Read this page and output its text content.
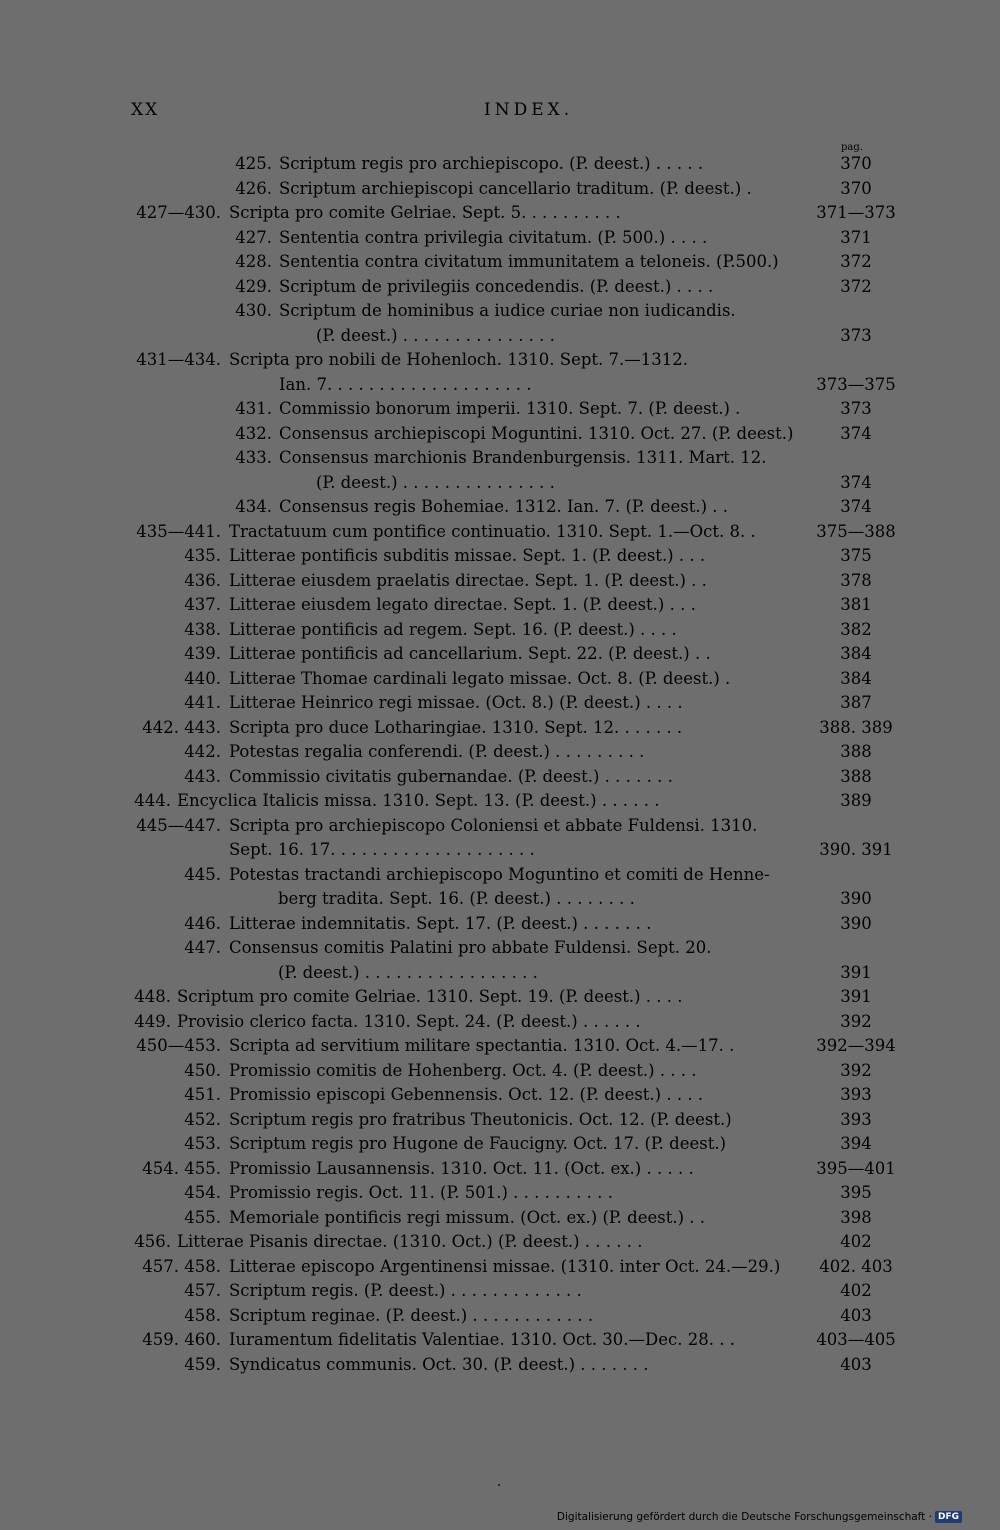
XX	INDEX.
pag.
425. Scriptum regis pro archiepiscopo. (P. deest.) . . . . .	370
426. Scriptum archiepiscopi cancellario traditum. (P. deest.) .	370
427—430. Scripta pro comite Gelriae. Sept. 5. . . . . . . . . .	371—373
427. Sententia contra privilegia civitatum. (P. 500.) . . . .	371
428. Sententia contra civitatum immunitatem a teloneis. (P.500.)	372
429. Scriptum de privilegiis concedendis. (P. deest.) . . . .	372
430. Scriptum de hominibus a iudice curiae non iudicandis.
(P. deest.) . . . . . . . . . . . . . . .	373
431—434. Scripta pro nobili de Hohenloch. 1310. Sept. 7.—1312.
Ian. 7. . . . . . . . . . . . . . . . . . . .	373—375
431. Commissio bonorum imperii. 1310. Sept. 7. (P. deest.) .	373
432. Consensus archiepiscopi Moguntini. 1310. Oct. 27. (P. deest.)	374
433. Consensus marchionis Brandenburgensis. 1311. Mart. 12.
(P. deest.) . . . . . . . . . . . . . . .	374
434. Consensus regis Bohemiae. 1312. Ian. 7. (P. deest.) . .	374
435—441. Tractatuum cum pontifice continuatio. 1310. Sept. 1.—Oct. 8. .	375—388
435. Litterae pontificis subditis missae. Sept. 1. (P. deest.) . . .	375
436. Litterae eiusdem praelatis directae. Sept. 1. (P. deest.) . .	378
437. Litterae eiusdem legato directae. Sept. 1. (P. deest.) . . .	381
438. Litterae pontificis ad regem. Sept. 16. (P. deest.) . . . .	382
439. Litterae pontificis ad cancellarium. Sept. 22. (P. deest.) . .	384
440. Litterae Thomae cardinali legato missae. Oct. 8. (P. deest.) .	384
441. Litterae Heinrico regi missae. (Oct. 8.) (P. deest.) . . . .	387
442. 443. Scripta pro duce Lotharingiae. 1310. Sept. 12. . . . . . .	388. 389
442. Potestas regalia conferendi. (P. deest.) . . . . . . . . .	388
443. Commissio civitatis gubernandae. (P. deest.) . . . . . . .	388
444. Encyclica Italicis missa. 1310. Sept. 13. (P. deest.) . . . . . .	389
445—447. Scripta pro archiepiscopo Coloniensi et abbate Fuldensi. 1310.
Sept. 16. 17. . . . . . . . . . . . . . . . . . . .	390. 391
445. Potestas tractandi archiepiscopo Moguntino et comiti de Henne-
berg tradita. Sept. 16. (P. deest.) . . . . . . . .	390
446. Litterae indemnitatis. Sept. 17. (P. deest.) . . . . . . .	390
447. Consensus comitis Palatini pro abbate Fuldensi. Sept. 20.
(P. deest.) . . . . . . . . . . . . . . . . .	391
448. Scriptum pro comite Gelriae. 1310. Sept. 19. (P. deest.) . . . .	391
449. Provisio clerico facta. 1310. Sept. 24. (P. deest.) . . . . . .	392
450—453. Scripta ad servitium militare spectantia. 1310. Oct. 4.—17. .	392—394
450. Promissio comitis de Hohenberg. Oct. 4. (P. deest.) . . . .	392
451. Promissio episcopi Gebennensis. Oct. 12. (P. deest.) . . . .	393
452. Scriptum regis pro fratribus Theutonicis. Oct. 12. (P. deest.)	393
453. Scriptum regis pro Hugone de Faucigny. Oct. 17. (P. deest.)	394
454. 455. Promissio Lausannensis. 1310. Oct. 11. (Oct. ex.) . . . . .	395—401
454. Promissio regis. Oct. 11. (P. 501.) . . . . . . . . . .	395
455. Memoriale pontificis regi missum. (Oct. ex.) (P. deest.) . .	398
456. Litterae Pisanis directae. (1310. Oct.) (P. deest.) . . . . . .	402
457. 458. Litterae episcopo Argentinensi missae. (1310. inter Oct. 24.—29.)	402. 403
457. Scriptum regis. (P. deest.) . . . . . . . . . . . . .	402
458. Scriptum reginae. (P. deest.) . . . . . . . . . . . .	403
459. 460. Iuramentum fidelitatis Valentiae. 1310. Oct. 30.—Dec. 28. . .	403—405
459. Syndicatus communis. Oct. 30. (P. deest.) . . . . . . .	403
Digitalisierung gefördert durch die Deutsche Forschungsgemeinschaft · DFG
